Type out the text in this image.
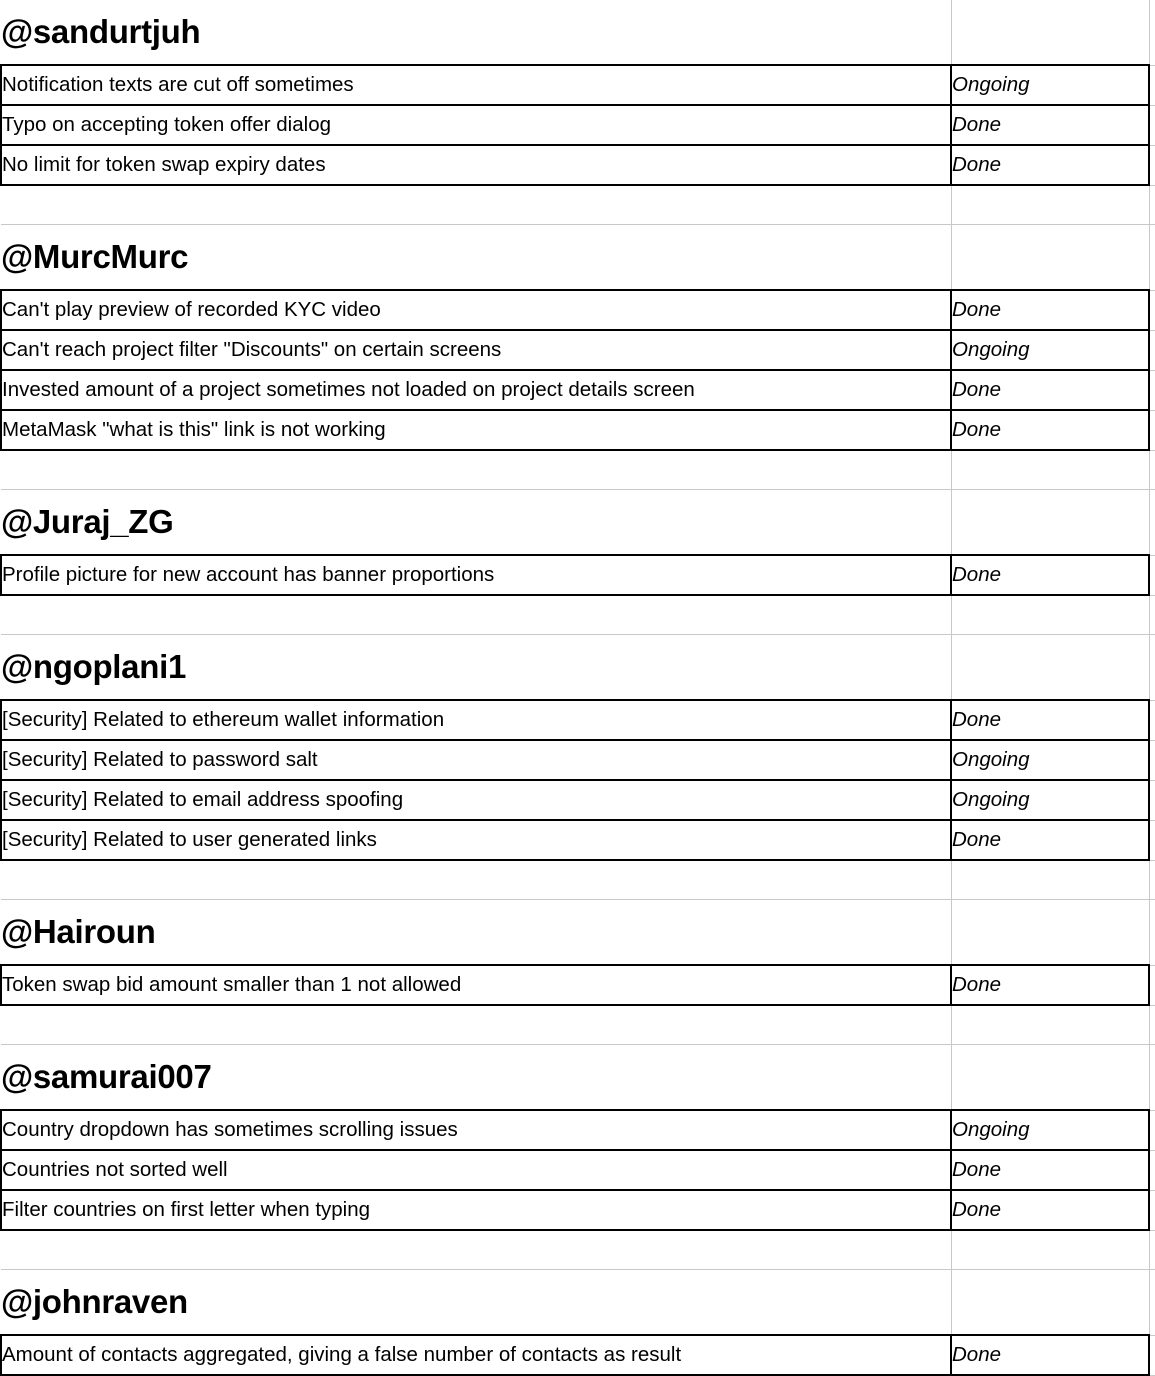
@sandurtjuh		
Notification texts are cut off sometimes	Ongoing	
Typo on accepting token offer dialog	Done	
No limit for token swap expiry dates	Done	

@MurcMurc		
Can't play preview of recorded KYC video	Done	
Can't reach project filter "Discounts" on certain screens	Ongoing	
Invested amount of a project sometimes not loaded on project details screen	Done	
MetaMask "what is this" link is not working	Done	

@Juraj_ZG		
Profile picture for new account has banner proportions	Done	

@ngoplani1		
[Security] Related to ethereum wallet information	Done	
[Security] Related to password salt	Ongoing	
[Security] Related to email address spoofing	Ongoing	
[Security] Related to user generated links	Done	

@Hairoun		
Token swap bid amount smaller than 1 not allowed	Done	

@samurai007		
Country dropdown has sometimes scrolling issues	Ongoing	
Countries not sorted well	Done	
Filter countries on first letter when typing	Done	

@johnraven		
Amount of contacts aggregated, giving a false number of contacts as result	Done	
